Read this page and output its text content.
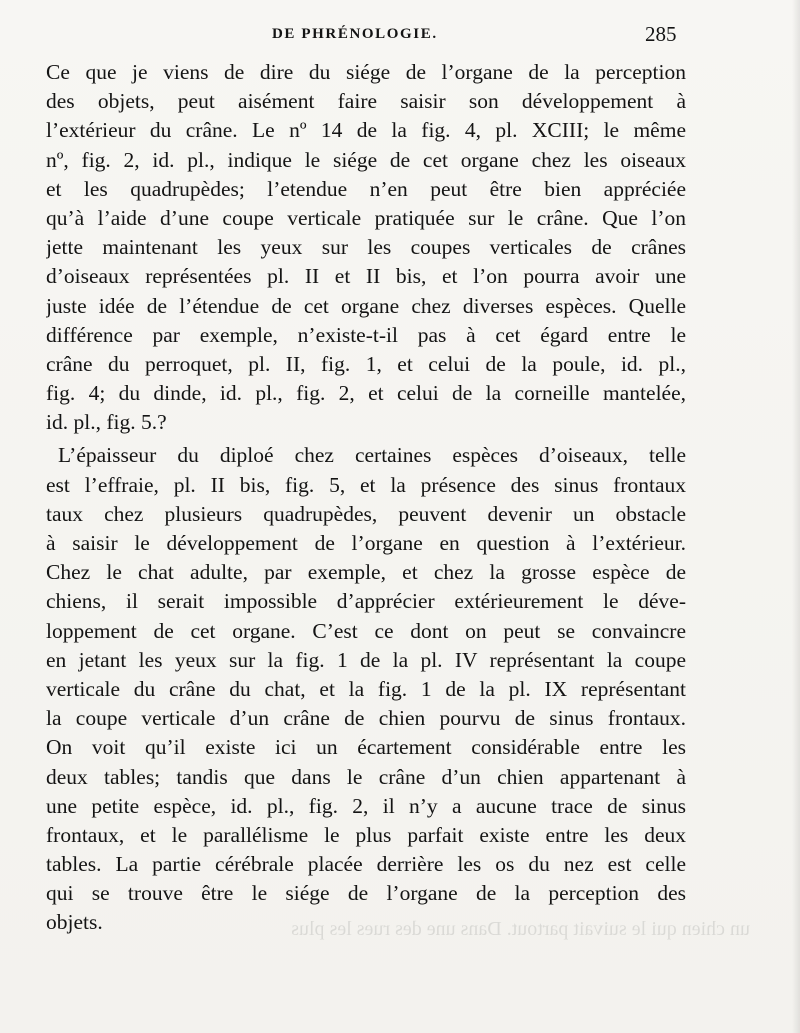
DE PHRÉNOLOGIE.	285
Ce que je viens de dire du siége de l’organe de la perception
des objets, peut aisément faire saisir son développement à
l’extérieur du crâne. Le nº 14 de la fig. 4, pl. XCIII; le même
nº, fig. 2, id. pl., indique le siége de cet organe chez les oiseaux
et les quadrupèdes; l’etendue n’en peut être bien appréciée
qu’à l’aide d’une coupe verticale pratiquée sur le crâne. Que l’on
jette maintenant les yeux sur les coupes verticales de crânes
d’oiseaux représentées pl. II et II bis, et l’on pourra avoir une
juste idée de l’étendue de cet organe chez diverses espèces. Quelle
différence par exemple, n’existe-t-il pas à cet égard entre le
crâne du perroquet, pl. II, fig. 1, et celui de la poule, id. pl.,
fig. 4; du dinde, id. pl., fig. 2, et celui de la corneille mantelée,
id. pl., fig. 5.?
L’épaisseur du diploé chez certaines espèces d’oiseaux, telle
est l’effraie, pl. II bis, fig. 5, et la présence des sinus frontaux
taux chez plusieurs quadrupèdes, peuvent devenir un obstacle
à saisir le développement de l’organe en question à l’extérieur.
Chez le chat adulte, par exemple, et chez la grosse espèce de
chiens, il serait impossible d’apprécier extérieurement le déve-
loppement de cet organe. C’est ce dont on peut se convaincre
en jetant les yeux sur la fig. 1 de la pl. IV représentant la coupe
verticale du crâne du chat, et la fig. 1 de la pl. IX représentant
la coupe verticale d’un crâne de chien pourvu de sinus frontaux.
On voit qu’il existe ici un écartement considérable entre les
deux tables; tandis que dans le crâne d’un chien appartenant à
une petite espèce, id. pl., fig. 2, il n’y a aucune trace de sinus
frontaux, et le parallélisme le plus parfait existe entre les deux
tables. La partie cérébrale placée derrière les os du nez est celle
qui se trouve être le siége de l’organe de la perception des
objets.	un chien qui le suivait partout. Dans une des rues les plus
